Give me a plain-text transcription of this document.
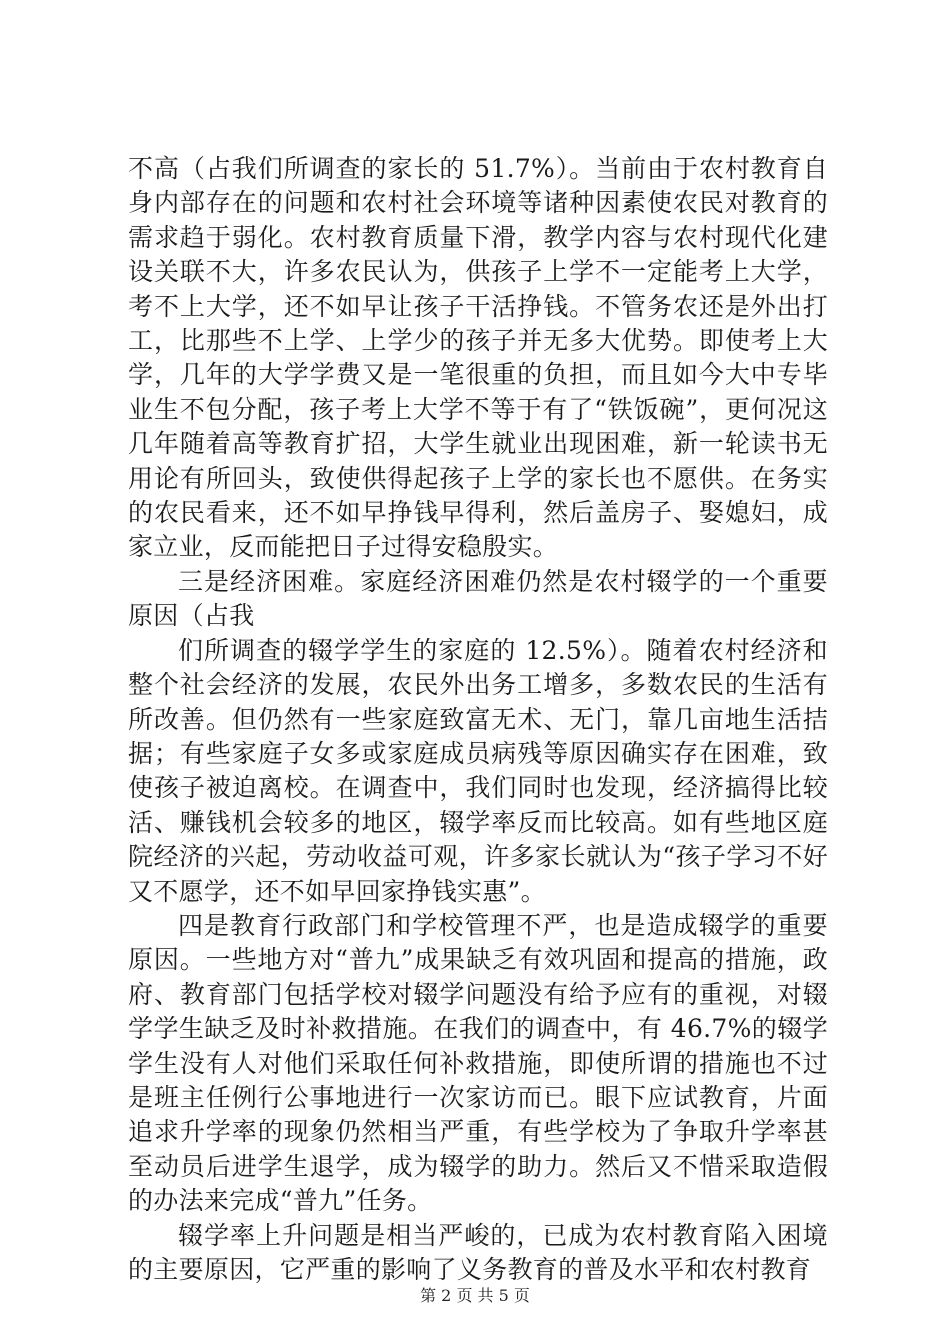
不高（占我们所调查的家长的 51.7%）。当前由于农村教育自身内部存在的问题和农村社会环境等诸种因素使农民对教育的需求趋于弱化。农村教育质量下滑，教学内容与农村现代化建设关联不大，许多农民认为，供孩子上学不一定能考上大学，考不上大学，还不如早让孩子干活挣钱。不管务农还是外出打工，比那些不上学、上学少的孩子并无多大优势。即使考上大学，几年的大学学费又是一笔很重的负担，而且如今大中专毕业生不包分配，孩子考上大学不等于有了“铁饭碗”，更何况这几年随着高等教育扩招，大学生就业出现困难，新一轮读书无用论有所回头，致使供得起孩子上学的家长也不愿供。在务实的农民看来，还不如早挣钱早得利，然后盖房子、娶媳妇，成家立业，反而能把日子过得安稳殷实。

三是经济困难。家庭经济困难仍然是农村辍学的一个重要原因（占我

们所调查的辍学学生的家庭的 12.5%）。随着农村经济和整个社会经济的发展，农民外出务工增多，多数农民的生活有所改善。但仍然有一些家庭致富无术、无门，靠几亩地生活拮据；有些家庭子女多或家庭成员病残等原因确实存在困难，致使孩子被迫离校。在调查中，我们同时也发现，经济搞得比较活、赚钱机会较多的地区，辍学率反而比较高。如有些地区庭院经济的兴起，劳动收益可观，许多家长就认为“孩子学习不好又不愿学，还不如早回家挣钱实惠”。

四是教育行政部门和学校管理不严，也是造成辍学的重要原因。一些地方对“普九”成果缺乏有效巩固和提高的措施，政府、教育部门包括学校对辍学问题没有给予应有的重视，对辍学学生缺乏及时补救措施。在我们的调查中，有 46.7%的辍学学生没有人对他们采取任何补救措施，即使所谓的措施也不过是班主任例行公事地进行一次家访而已。眼下应试教育，片面追求升学率的现象仍然相当严重，有些学校为了争取升学率甚至动员后进学生退学，成为辍学的助力。然后又不惜采取造假的办法来完成“普九”任务。

辍学率上升问题是相当严峻的，已成为农村教育陷入困境的主要原因，它严重的影响了义务教育的普及水平和农村教育

第 2 页 共 5 页
